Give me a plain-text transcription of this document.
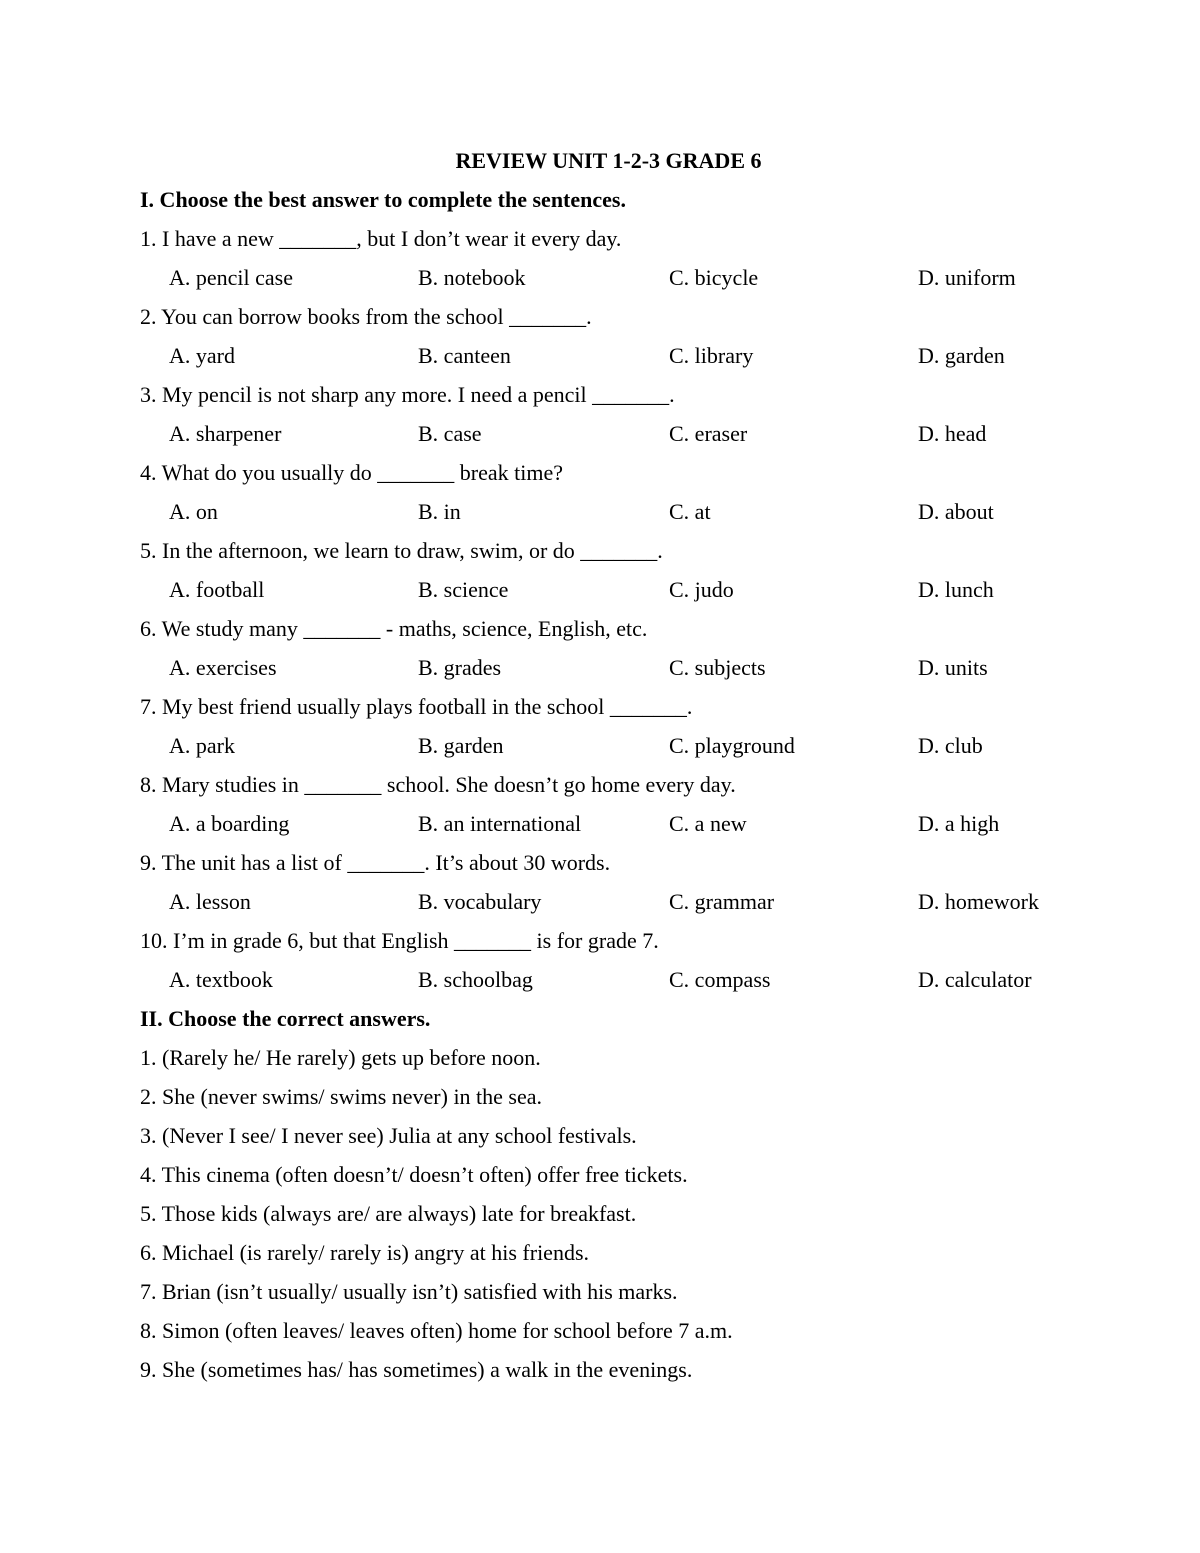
REVIEW UNIT 1-2-3 GRADE 6
I. Choose the best answer to complete the sentences.
1. I have a new _______, but I don’t wear it every day.
A. pencil case	B. notebook	C. bicycle	D. uniform
2. You can borrow books from the school _______.
A. yard	B. canteen	C. library	D. garden
3. My pencil is not sharp any more. I need a pencil _______.
A. sharpener	B. case	C. eraser	D. head
4. What do you usually do _______ break time?
A. on	B. in	C. at	D. about
5. In the afternoon, we learn to draw, swim, or do _______.
A. football	B. science	C. judo	D. lunch
6. We study many _______ - maths, science, English, etc.
A. exercises	B. grades	C. subjects	D. units
7. My best friend usually plays football in the school _______.
A. park	B. garden	C. playground	D. club
8. Mary studies in _______ school. She doesn’t go home every day.
A. a boarding	B. an international	C. a new	D. a high
9. The unit has a list of _______. It’s about 30 words.
A. lesson	B. vocabulary	C. grammar	D. homework
10. I’m in grade 6, but that English _______ is for grade 7.
A. textbook	B. schoolbag	C. compass	D. calculator
II. Choose the correct answers.
1. (Rarely he/ He rarely) gets up before noon.
2. She (never swims/ swims never) in the sea.
3. (Never I see/ I never see) Julia at any school festivals.
4. This cinema (often doesn’t/ doesn’t often) offer free tickets.
5. Those kids (always are/ are always) late for breakfast.
6. Michael (is rarely/ rarely is) angry at his friends.
7. Brian (isn’t usually/ usually isn’t) satisfied with his marks.
8. Simon (often leaves/ leaves often) home for school before 7 a.m.
9. She (sometimes has/ has sometimes) a walk in the evenings.
